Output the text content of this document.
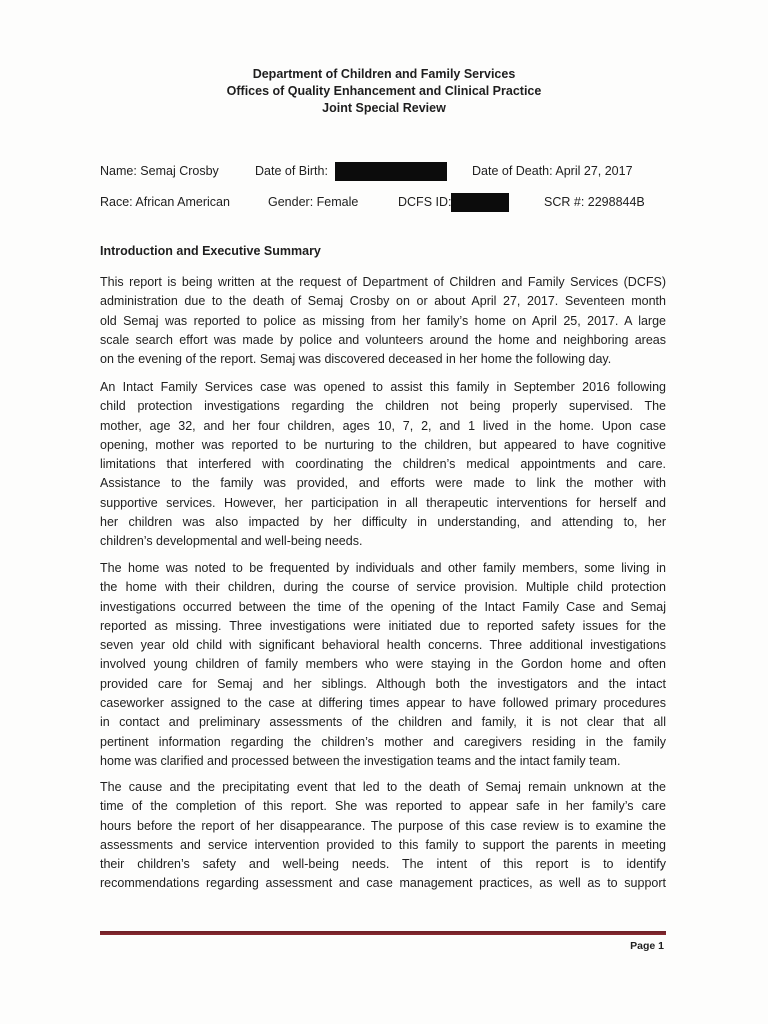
Department of Children and Family Services
Offices of Quality Enhancement and Clinical Practice
Joint Special Review
Name: Semaj Crosby	Date of Birth:	Date of Death: April 27, 2017
Race: African American	Gender: Female	DCFS ID:	SCR #: 2298844B
Introduction and Executive Summary
This report is being written at the request of Department of Children and Family Services (DCFS)
administration due to the death of Semaj Crosby on or about April 27, 2017. Seventeen month
old Semaj was reported to police as missing from her family’s home on April 25, 2017. A large
scale search effort was made by police and volunteers around the home and neighboring areas
on the evening of the report. Semaj was discovered deceased in her home the following day.
An Intact Family Services case was opened to assist this family in September 2016 following
child protection investigations regarding the children not being properly supervised. The
mother, age 32, and her four children, ages 10, 7, 2, and 1 lived in the home. Upon case
opening, mother was reported to be nurturing to the children, but appeared to have cognitive
limitations that interfered with coordinating the children’s medical appointments and care.
Assistance to the family was provided, and efforts were made to link the mother with
supportive services. However, her participation in all therapeutic interventions for herself and
her children was also impacted by her difficulty in understanding, and attending to, her
children’s developmental and well-being needs.
The home was noted to be frequented by individuals and other family members, some living in
the home with their children, during the course of service provision. Multiple child protection
investigations occurred between the time of the opening of the Intact Family Case and Semaj
reported as missing. Three investigations were initiated due to reported safety issues for the
seven year old child with significant behavioral health concerns. Three additional investigations
involved young children of family members who were staying in the Gordon home and often
provided care for Semaj and her siblings. Although both the investigators and the intact
caseworker assigned to the case at differing times appear to have followed primary procedures
in contact and preliminary assessments of the children and family, it is not clear that all
pertinent information regarding the children’s mother and caregivers residing in the family
home was clarified and processed between the investigation teams and the intact family team.
The cause and the precipitating event that led to the death of Semaj remain unknown at the
time of the completion of this report. She was reported to appear safe in her family’s care
hours before the report of her disappearance. The purpose of this case review is to examine the
assessments and service intervention provided to this family to support the parents in meeting
their children’s safety and well-being needs. The intent of this report is to identify
recommendations regarding assessment and case management practices, as well as to support
Page 1
